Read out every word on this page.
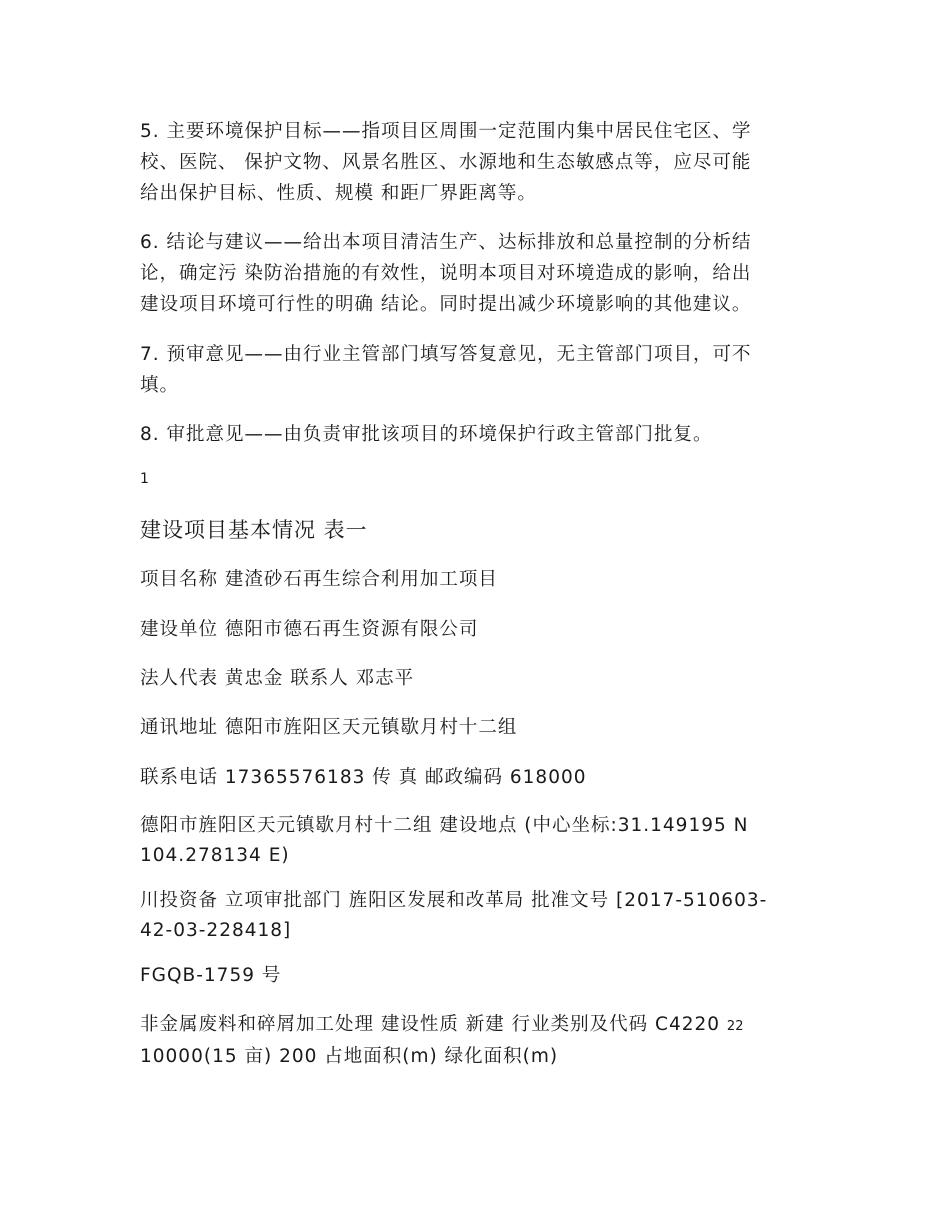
5. 主要环境保护目标——指项目区周围一定范围内集中居民住宅区、学
校、医院、 保护文物、风景名胜区、水源地和生态敏感点等，应尽可能
给出保护目标、性质、规模 和距厂界距离等。

6. 结论与建议——给出本项目清洁生产、达标排放和总量控制的分析结
论，确定污 染防治措施的有效性，说明本项目对环境造成的影响，给出
建设项目环境可行性的明确 结论。同时提出减少环境影响的其他建议。

7. 预审意见——由行业主管部门填写答复意见，无主管部门项目，可不
填。

8. 审批意见——由负责审批该项目的环境保护行政主管部门批复。

1
建设项目基本情况 表一

项目名称 建渣砂石再生综合利用加工项目

建设单位 德阳市德石再生资源有限公司

法人代表 黄忠金 联系人 邓志平

通讯地址 德阳市旌阳区天元镇歇月村十二组

联系电话 17365576183 传 真 邮政编码 618000

德阳市旌阳区天元镇歇月村十二组 建设地点 (中心坐标:31.149195 N
104.278134 E)

川投资备 立项审批部门 旌阳区发展和改革局 批准文号 [2017-510603-
42-03-228418]

FGQB-1759 号

非金属废料和碎屑加工处理 建设性质 新建 行业类别及代码 C4220 22
10000(15 亩) 200 占地面积(m) 绿化面积(m)
